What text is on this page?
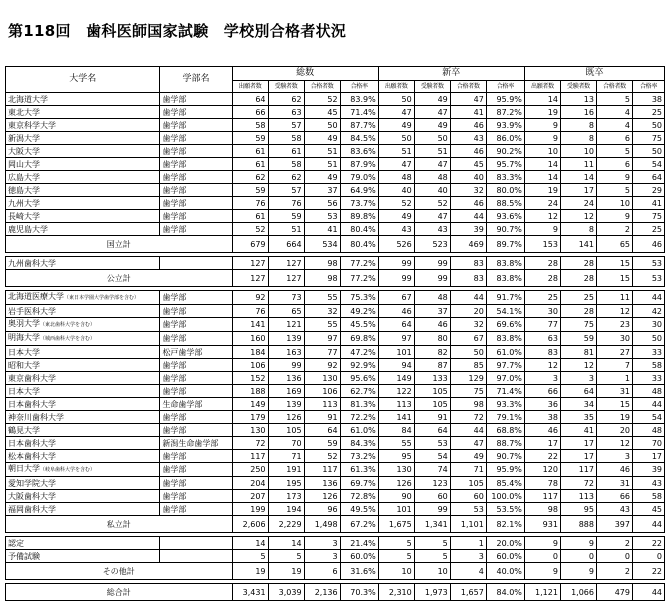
第118回　歯科医師国家試験　学校別合格者状況
大学名	学部名	総数				新卒				既卒			
		出願者数	受験者数	合格者数	合格率	出願者数	受験者数	合格者数	合格率	出願者数	受験者数	合格者数	合格率
北海道大学	歯学部	64	62	52	83.9%	50	49	47	95.9%	14	13	5	38
東北大学	歯学部	66	63	45	71.4%	47	47	41	87.2%	19	16	4	25
東京科学大学	歯学部	58	57	50	87.7%	49	49	46	93.9%	9	8	4	50
新潟大学	歯学部	59	58	49	84.5%	50	50	43	86.0%	9	8	6	75
大阪大学	歯学部	61	61	51	83.6%	51	51	46	90.2%	10	10	5	50
岡山大学	歯学部	61	58	51	87.9%	47	47	45	95.7%	14	11	6	54
広島大学	歯学部	62	62	49	79.0%	48	48	40	83.3%	14	14	9	64
徳島大学	歯学部	59	57	37	64.9%	40	40	32	80.0%	19	17	5	29
九州大学	歯学部	76	76	56	73.7%	52	52	46	88.5%	24	24	10	41
長崎大学	歯学部	61	59	53	89.8%	49	47	44	93.6%	12	12	9	75
鹿児島大学	歯学部	52	51	41	80.4%	43	43	39	90.7%	9	8	2	25
国立計		679	664	534	80.4%	526	523	469	89.7%	153	141	65	46

九州歯科大学		127	127	98	77.2%	99	99	83	83.8%	28	28	15	53
公立計		127	127	98	77.2%	99	99	83	83.8%	28	28	15	53

北海道医療大学（東日本学園大学歯学部を含む）	歯学部	92	73	55	75.3%	67	48	44	91.7%	25	25	11	44
岩手医科大学	歯学部	76	65	32	49.2%	46	37	20	54.1%	30	28	12	42
奥羽大学（東北歯科大学を含む）	歯学部	141	121	55	45.5%	64	46	32	69.6%	77	75	23	30
明海大学（城西歯科大学を含む）	歯学部	160	139	97	69.8%	97	80	67	83.8%	63	59	30	50
日本大学	松戸歯学部	184	163	77	47.2%	101	82	50	61.0%	83	81	27	33
昭和大学	歯学部	106	99	92	92.9%	94	87	85	97.7%	12	12	7	58
東京歯科大学	歯学部	152	136	130	95.6%	149	133	129	97.0%	3	3	1	33
日本大学	歯学部	188	169	106	62.7%	122	105	75	71.4%	66	64	31	48
日本歯科大学	生命歯学部	149	139	113	81.3%	113	105	98	93.3%	36	34	15	44
神奈川歯科大学	歯学部	179	126	91	72.2%	141	91	72	79.1%	38	35	19	54
鶴見大学	歯学部	130	105	64	61.0%	84	64	44	68.8%	46	41	20	48
日本歯科大学	新潟生命歯学部	72	70	59	84.3%	55	53	47	88.7%	17	17	12	70
松本歯科大学	歯学部	117	71	52	73.2%	95	54	49	90.7%	22	17	3	17
朝日大学（岐阜歯科大学を含む）	歯学部	250	191	117	61.3%	130	74	71	95.9%	120	117	46	39
愛知学院大学	歯学部	204	195	136	69.7%	126	123	105	85.4%	78	72	31	43
大阪歯科大学	歯学部	207	173	126	72.8%	90	60	60	100.0%	117	113	66	58
福岡歯科大学	歯学部	199	194	96	49.5%	101	99	53	53.5%	98	95	43	45
私立計		2,606	2,229	1,498	67.2%	1,675	1,341	1,101	82.1%	931	888	397	44

認定		14	14	3	21.4%	5	5	1	20.0%	9	9	2	22
予備試験		5	5	3	60.0%	5	5	3	60.0%	0	0	0	0
その他計		19	19	6	31.6%	10	10	4	40.0%	9	9	2	22

総合計		3,431	3,039	2,136	70.3%	2,310	1,973	1,657	84.0%	1,121	1,066	479	44
